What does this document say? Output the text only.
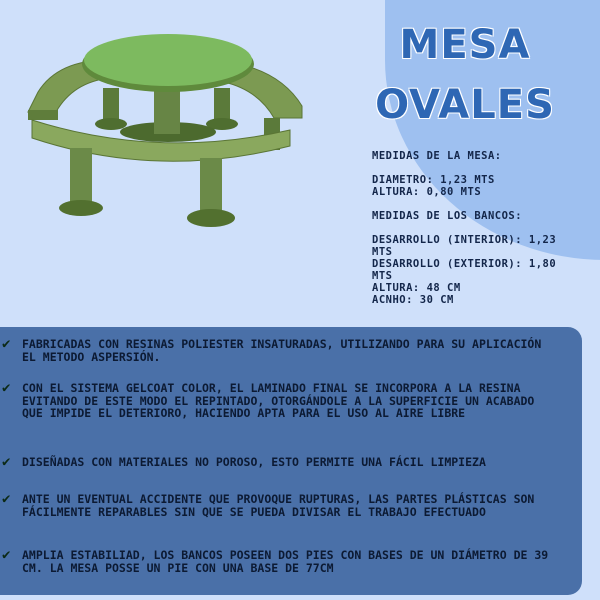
MESA
OVALES
MEDIDAS DE LA MESA:
DIAMETRO: 1,23 MTS
ALTURA: 0,80 MTS
MEDIDAS DE LOS BANCOS:
DESARROLLO (INTERIOR): 1,23 MTS
DESARROLLO (EXTERIOR): 1,80 MTS
ALTURA: 48 CM
ACNHO: 30 CM
✔	FABRICADAS CON RESINAS POLIESTER INSATURADAS, UTILIZANDO PARA SU APLICACIÓN EL METODO ASPERSIÓN.
✔	CON EL SISTEMA GELCOAT COLOR, EL LAMINADO FINAL SE INCORPORA A LA RESINA EVITANDO DE ESTE MODO EL REPINTADO, OTORGÁNDOLE A LA SUPERFICIE UN ACABADO QUE IMPIDE EL DETERIORO, HACIENDO APTA PARA EL USO AL AIRE LIBRE
✔	DISEÑADAS CON MATERIALES NO POROSO, ESTO PERMITE UNA FÁCIL LIMPIEZA
✔	ANTE UN EVENTUAL ACCIDENTE QUE PROVOQUE RUPTURAS, LAS PARTES PLÁSTICAS SON FÁCILMENTE REPARABLES SIN QUE SE PUEDA DIVISAR EL TRABAJO EFECTUADO
✔	AMPLIA ESTABILIAD, LOS BANCOS POSEEN DOS PIES CON BASES DE UN DIÁMETRO DE 39 CM. LA MESA POSSE UN PIE CON UNA BASE DE 77CM
